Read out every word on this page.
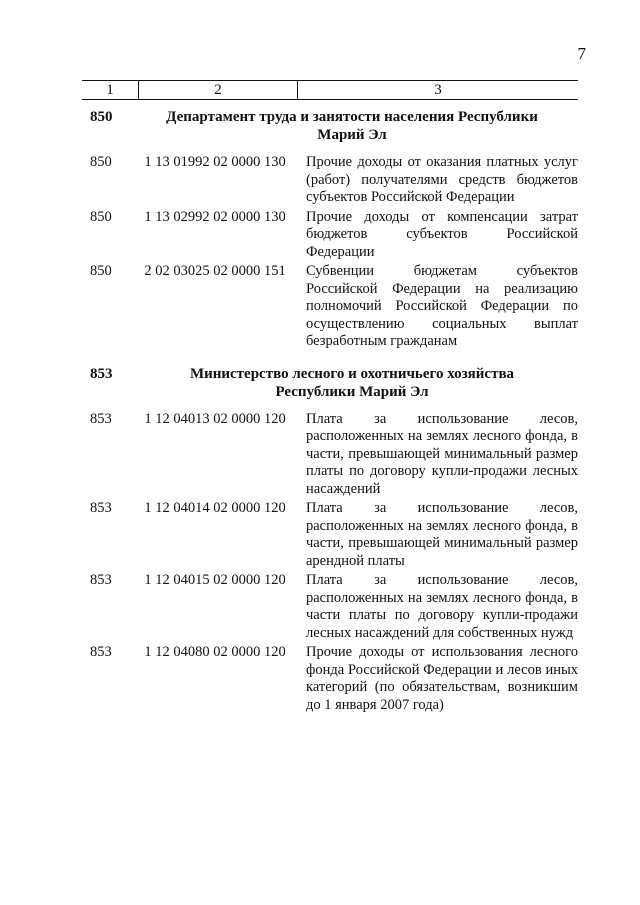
7
1	2	3
850	Департамент труда и занятости населения Республики
Марий Эл
850	1 13 01992 02 0000 130	Прочие доходы от оказания платных услуг (работ) получателями средств бюджетов субъектов Российской Федерации
850	1 13 02992 02 0000 130	Прочие доходы от компенсации затрат бюджетов субъектов Российской Федерации
850	2 02 03025 02 0000 151	Субвенции бюджетам субъектов Российской Федерации на реализацию полномочий Российской Федерации по осуществлению социальных выплат безработным гражданам
853	Министерство лесного и охотничьего хозяйства
Республики Марий Эл
853	1 12 04013 02 0000 120	Плата за использование лесов, расположенных на землях лесного фонда, в части, превышающей минимальный размер платы по договору купли-продажи лесных насаждений
853	1 12 04014 02 0000 120	Плата за использование лесов, расположенных на землях лесного фонда, в части, превышающей минимальный размер арендной платы
853	1 12 04015 02 0000 120	Плата за использование лесов, расположенных на землях лесного фонда, в части платы по договору купли-продажи лесных насаждений для собственных нужд
853	1 12 04080 02 0000 120	Прочие доходы от использования лесного фонда Российской Федерации и лесов иных категорий (по обязательствам, возникшим до 1 января 2007 года)
